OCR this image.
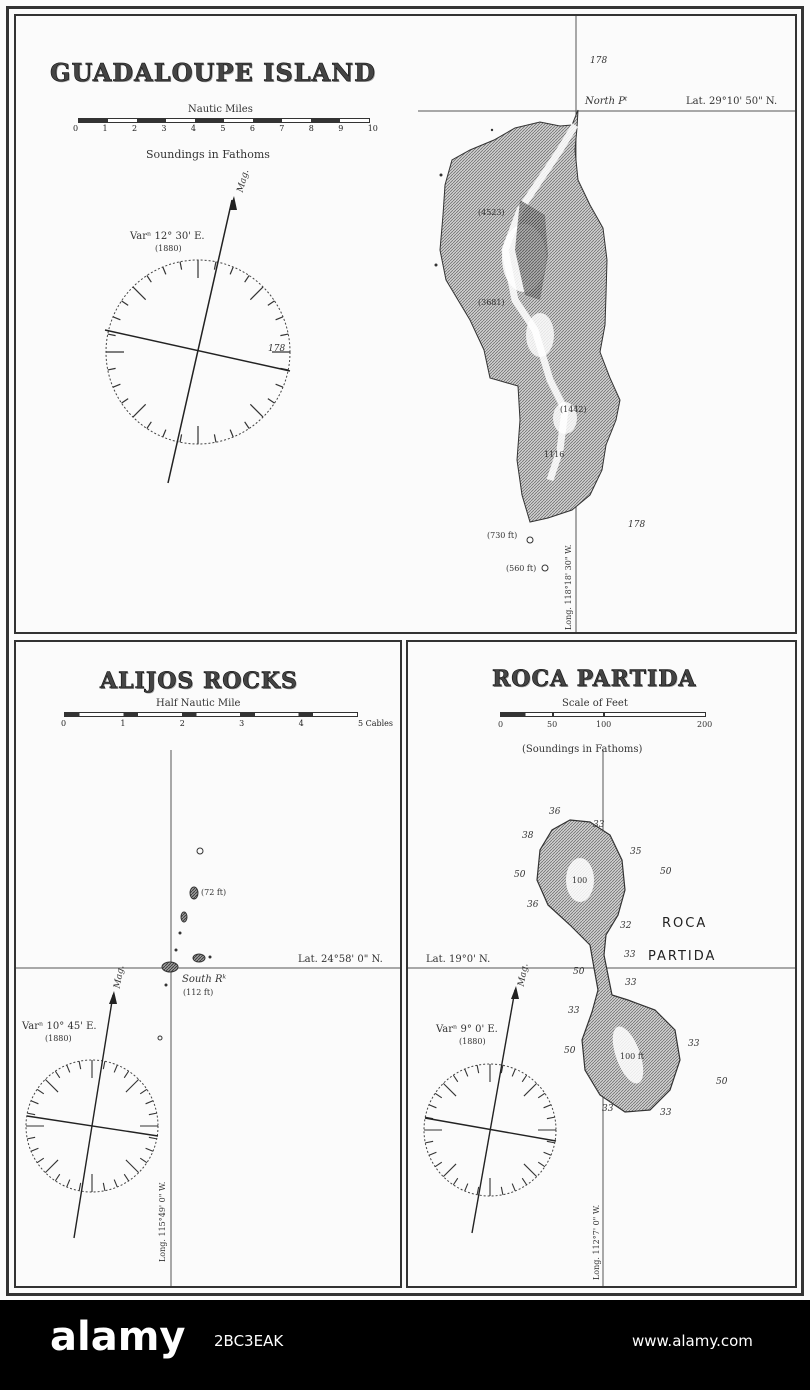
GUADALOUPE ISLAND
Nautic Miles
0	1	2	3	4	5	6	7	8	9	10
Soundings in Fathoms
Mag.
Varⁿ 12° 30' E.
(1880)
178
178
North Pᵗ	Lat. 29°10' 50" N.
(4523)
(3681)
(1442)
1116
(730 ft)
(560 ft)
178
Long. 118°18' 30" W.
ALIJOS ROCKS
Half Nautic Mile
0	1	2	3	4	5 Cables
(72 ft)
Lat. 24°58' 0" N.
South Rᵏ
(112 ft)
Mag.
Varⁿ 10° 45' E.
(1880)
Long. 115°49' 0" W.
ROCA PARTIDA
Scale of Feet
0	50	100	200
(Soundings in Fathoms)
36
33
38
35
50	50
36
32
33
50
33
33
50
33
50
33	33
100
100 ft
ROCA
PARTIDA
Lat. 19°0' N.
Mag.
Varⁿ 9° 0' E.
(1880)
Long. 112°7' 0" W.
alamy 2BC3EAK	www.alamy.com
